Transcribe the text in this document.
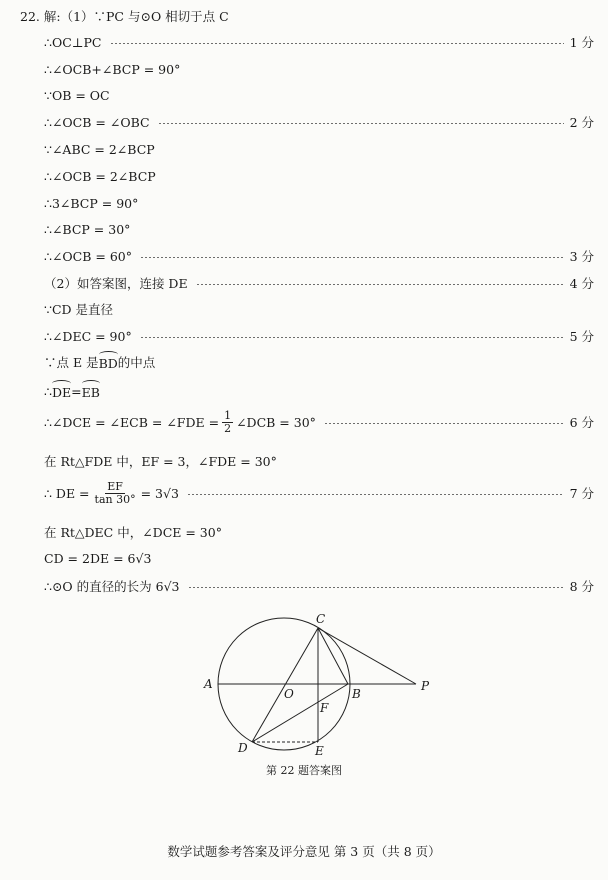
22. 解:（1）∵PC 与⊙O 相切于点 C
∴OC⊥PC	1 分
∴∠OCB+∠BCP = 90°
∵OB = OC
∴∠OCB = ∠OBC	2 分
∵∠ABC = 2∠BCP
∴∠OCB = 2∠BCP
∴3∠BCP = 90°
∴∠BCP = 30°
∴∠OCB = 60°	3 分
（2）如答案图，连接 DE	4 分
∵CD 是直径
∴∠DEC = 90°	5 分
∵点 E 是 BD 的中点
∴ DE = EB
∴∠DCE = ∠ECB = ∠FDE = $\frac{1}{2}$ ∠DCB = 30°	6 分
在 Rt△FDE 中，EF = 3，∠FDE = 30°
∴ DE = $\frac{EF}{\tan 30^\circ} = 3√3$	7 分
在 Rt△DEC 中，∠DCE = 30°
CD = 2DE = 6√3
∴⊙O 的直径的长为 6√3	8 分
A
O	B
P
C
F
D	E
第 22 题答案图
数学试题参考答案及评分意见 第 3 页（共 8 页）
